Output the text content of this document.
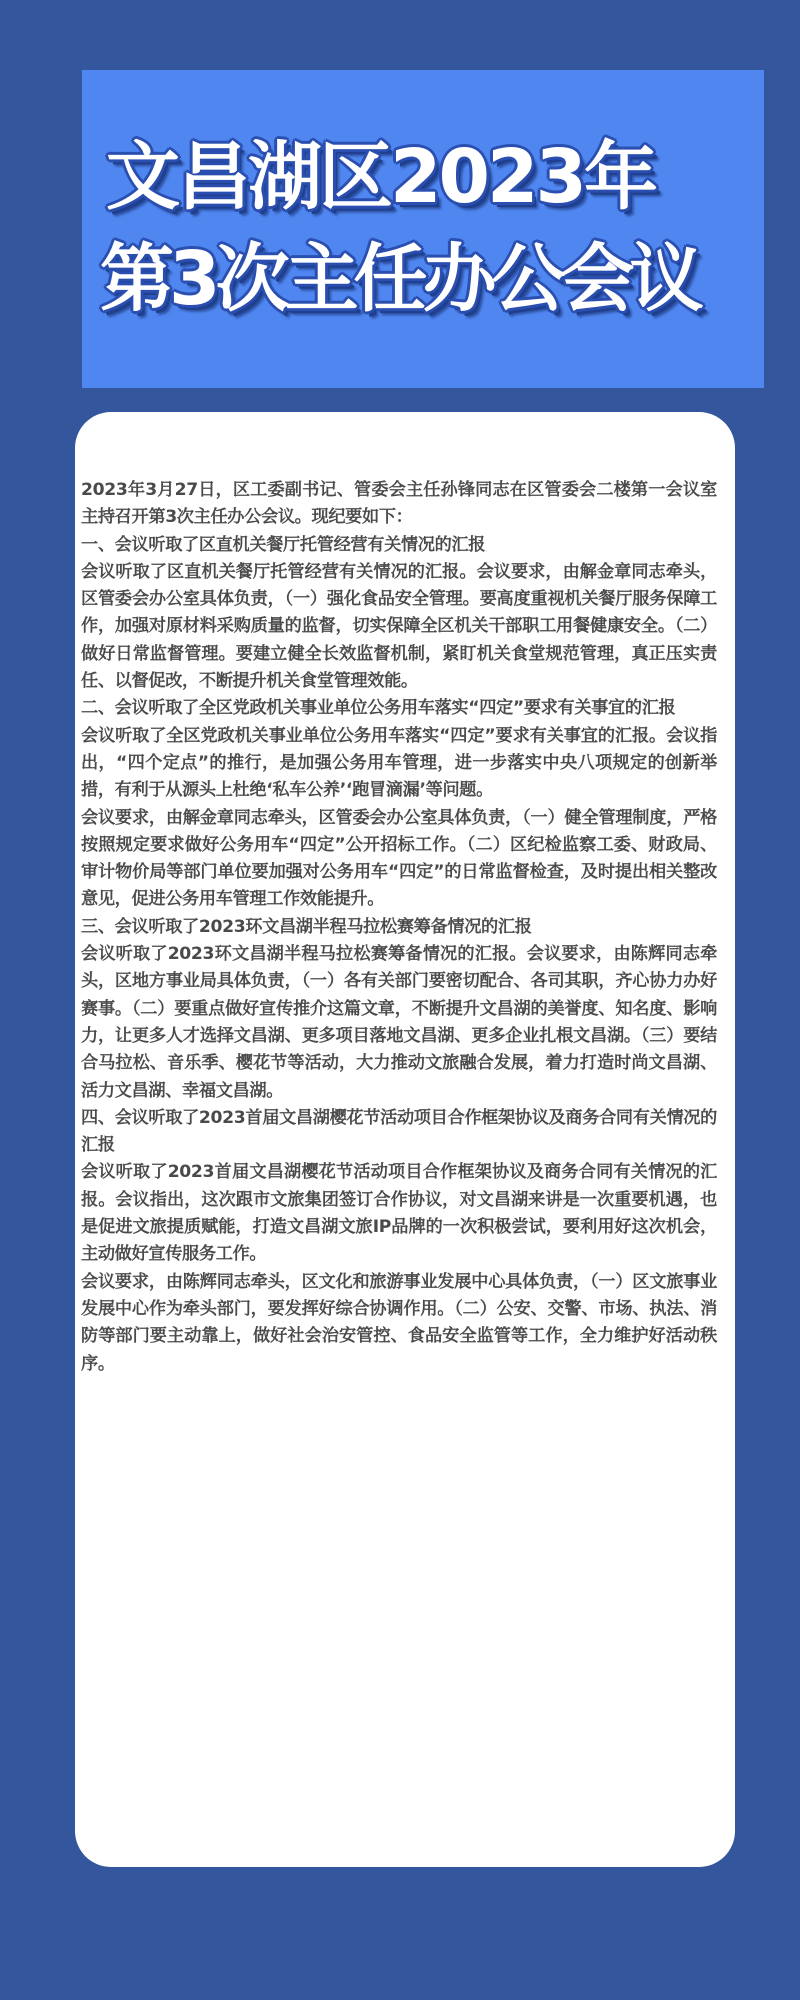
文昌湖区2023年
第3次主任办公会议

2023年3月27日，区工委副书记、管委会主任孙锋同志在区管委会二楼第一会议室主持召开第3次主任办公会议。现纪要如下：

一、会议听取了区直机关餐厅托管经营有关情况的汇报

会议听取了区直机关餐厅托管经营有关情况的汇报。会议要求，由解金章同志牵头，区管委会办公室具体负责，（一）强化食品安全管理。要高度重视机关餐厅服务保障工作，加强对原材料采购质量的监督，切实保障全区机关干部职工用餐健康安全。（二）做好日常监督管理。要建立健全长效监督机制，紧盯机关食堂规范管理，真正压实责任、以督促改，不断提升机关食堂管理效能。

二、会议听取了全区党政机关事业单位公务用车落实“四定”要求有关事宜的汇报

会议听取了全区党政机关事业单位公务用车落实“四定”要求有关事宜的汇报。会议指出，“四个定点”的推行，是加强公务用车管理，进一步落实中央八项规定的创新举措，有利于从源头上杜绝‘私车公养’‘跑冒滴漏’等问题。

会议要求，由解金章同志牵头，区管委会办公室具体负责，（一）健全管理制度，严格按照规定要求做好公务用车“四定”公开招标工作。（二）区纪检监察工委、财政局、审计物价局等部门单位要加强对公务用车“四定”的日常监督检查，及时提出相关整改意见，促进公务用车管理工作效能提升。

三、会议听取了2023环文昌湖半程马拉松赛筹备情况的汇报

会议听取了2023环文昌湖半程马拉松赛筹备情况的汇报。会议要求，由陈辉同志牵头，区地方事业局具体负责，（一）各有关部门要密切配合、各司其职，齐心协力办好赛事。（二）要重点做好宣传推介这篇文章，不断提升文昌湖的美誉度、知名度、影响力，让更多人才选择文昌湖、更多项目落地文昌湖、更多企业扎根文昌湖。（三）要结合马拉松、音乐季、樱花节等活动，大力推动文旅融合发展，着力打造时尚文昌湖、活力文昌湖、幸福文昌湖。

四、会议听取了2023首届文昌湖樱花节活动项目合作框架协议及商务合同有关情况的汇报

会议听取了2023首届文昌湖樱花节活动项目合作框架协议及商务合同有关情况的汇报。会议指出，这次跟市文旅集团签订合作协议，对文昌湖来讲是一次重要机遇，也是促进文旅提质赋能，打造文昌湖文旅IP品牌的一次积极尝试，要利用好这次机会，主动做好宣传服务工作。

会议要求，由陈辉同志牵头，区文化和旅游事业发展中心具体负责，（一）区文旅事业发展中心作为牵头部门，要发挥好综合协调作用。（二）公安、交警、市场、执法、消防等部门要主动靠上，做好社会治安管控、食品安全监管等工作，全力维护好活动秩序。
